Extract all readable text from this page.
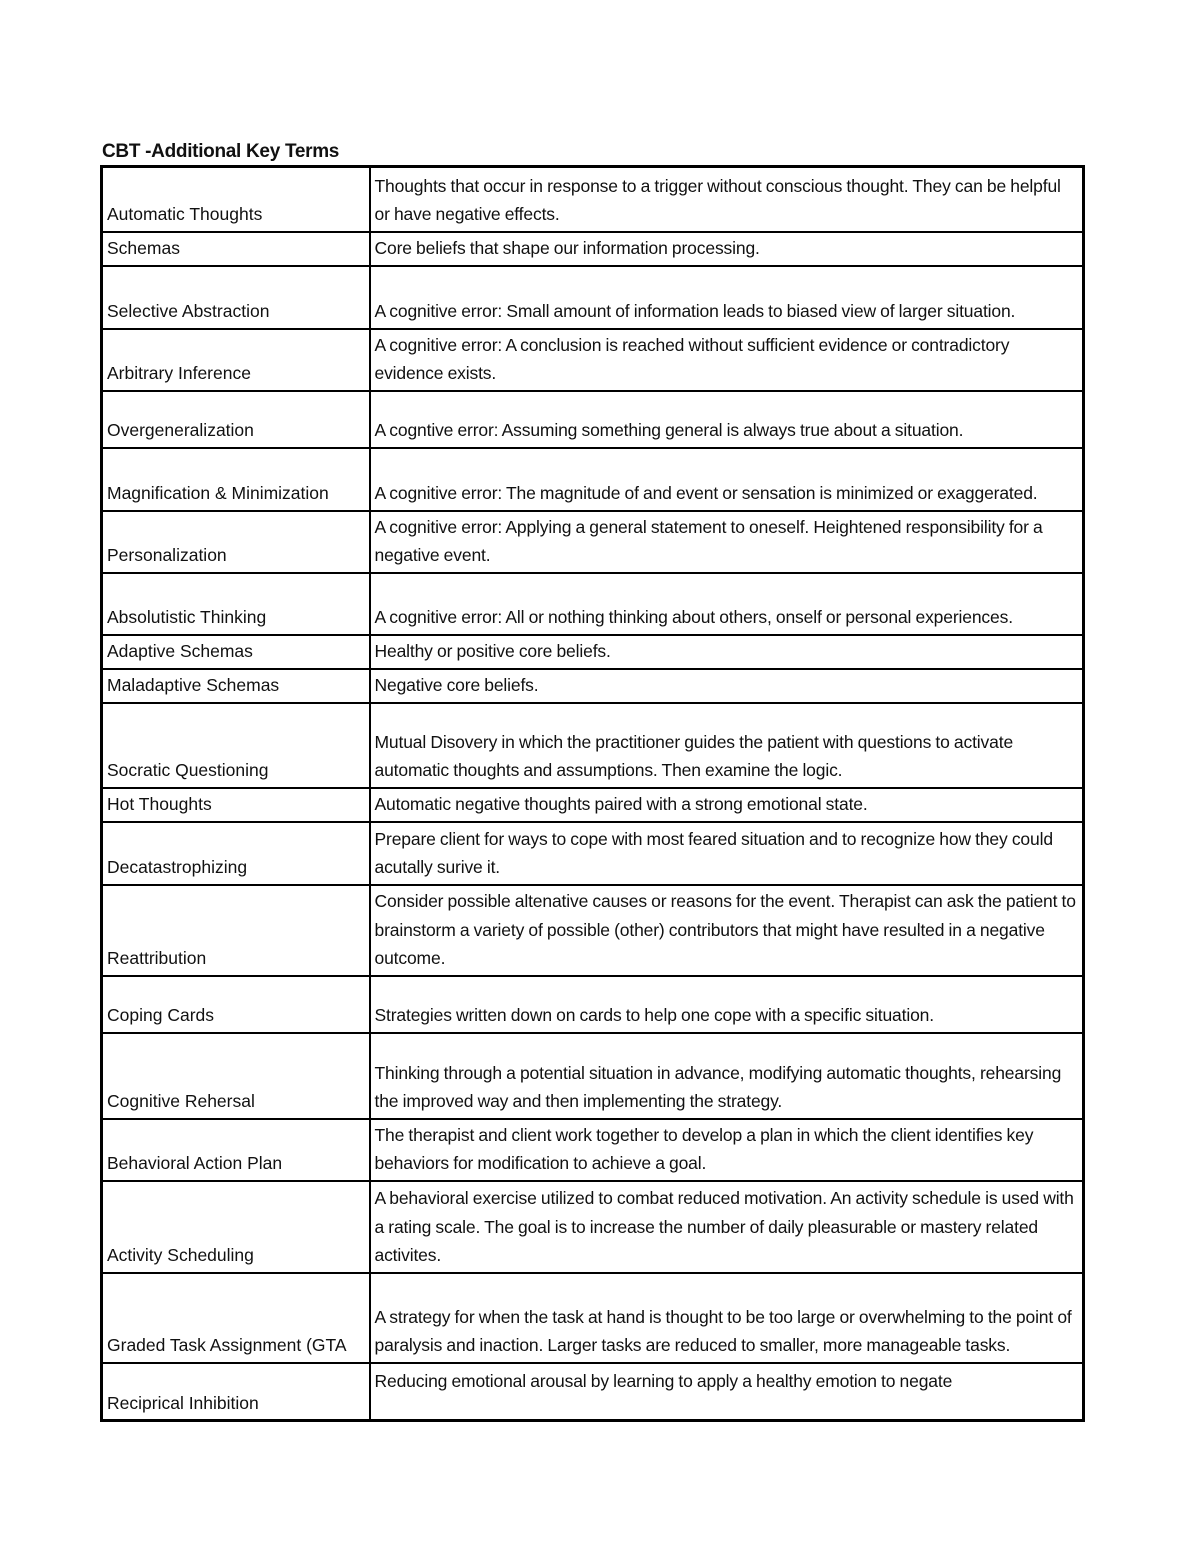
CBT -Additional Key Terms
Automatic Thoughts	Thoughts that occur in response to a trigger without conscious thought. They can be helpful or have negative effects.
Schemas	Core beliefs that shape our information processing.
Selective Abstraction	A cognitive error: Small amount of information leads to biased view of larger situation.
Arbitrary Inference	A cognitive error: A conclusion is reached without sufficient evidence or contradictory evidence exists.
Overgeneralization	A cogntive error: Assuming something general is always true about a situation.
Magnification & Minimization	A cognitive error: The magnitude of and event or sensation is minimized or exaggerated.
Personalization	A cognitive error: Applying a general statement to oneself. Heightened responsibility for a negative event.
Absolutistic Thinking	A cognitive error: All or nothing thinking about others, onself or personal experiences.
Adaptive Schemas	Healthy or positive core beliefs.
Maladaptive Schemas	Negative core beliefs.
Socratic Questioning	Mutual Disovery in which the practitioner guides the patient with questions to activate automatic thoughts and assumptions. Then examine the logic.
Hot Thoughts	Automatic negative thoughts paired with a strong emotional state.
Decatastrophizing	Prepare client for ways to cope with most feared situation and to recognize how they could acutally surive it.
Reattribution	Consider possible altenative causes or reasons for the event. Therapist can ask the patient to brainstorm a variety of possible (other) contributors that might have resulted in a negative outcome.
Coping Cards	Strategies written down on cards to help one cope with a specific situation.
Cognitive Rehersal	Thinking through a potential situation in advance, modifying automatic thoughts, rehearsing the improved way and then implementing the strategy.
Behavioral Action Plan	The therapist and client work together to develop a plan in which the client identifies key behaviors for modification to achieve a goal.
Activity Scheduling	A behavioral exercise utilized to combat reduced motivation. An activity schedule is used with a rating scale. The goal is to increase the number of daily pleasurable or mastery related activites.
Graded Task Assignment (GTA	A strategy for when the task at hand is thought to be too large or overwhelming to the point of paralysis and inaction. Larger tasks are reduced to smaller, more manageable tasks.
Reciprical Inhibition	Reducing emotional arousal by learning to apply a healthy emotion to negate
